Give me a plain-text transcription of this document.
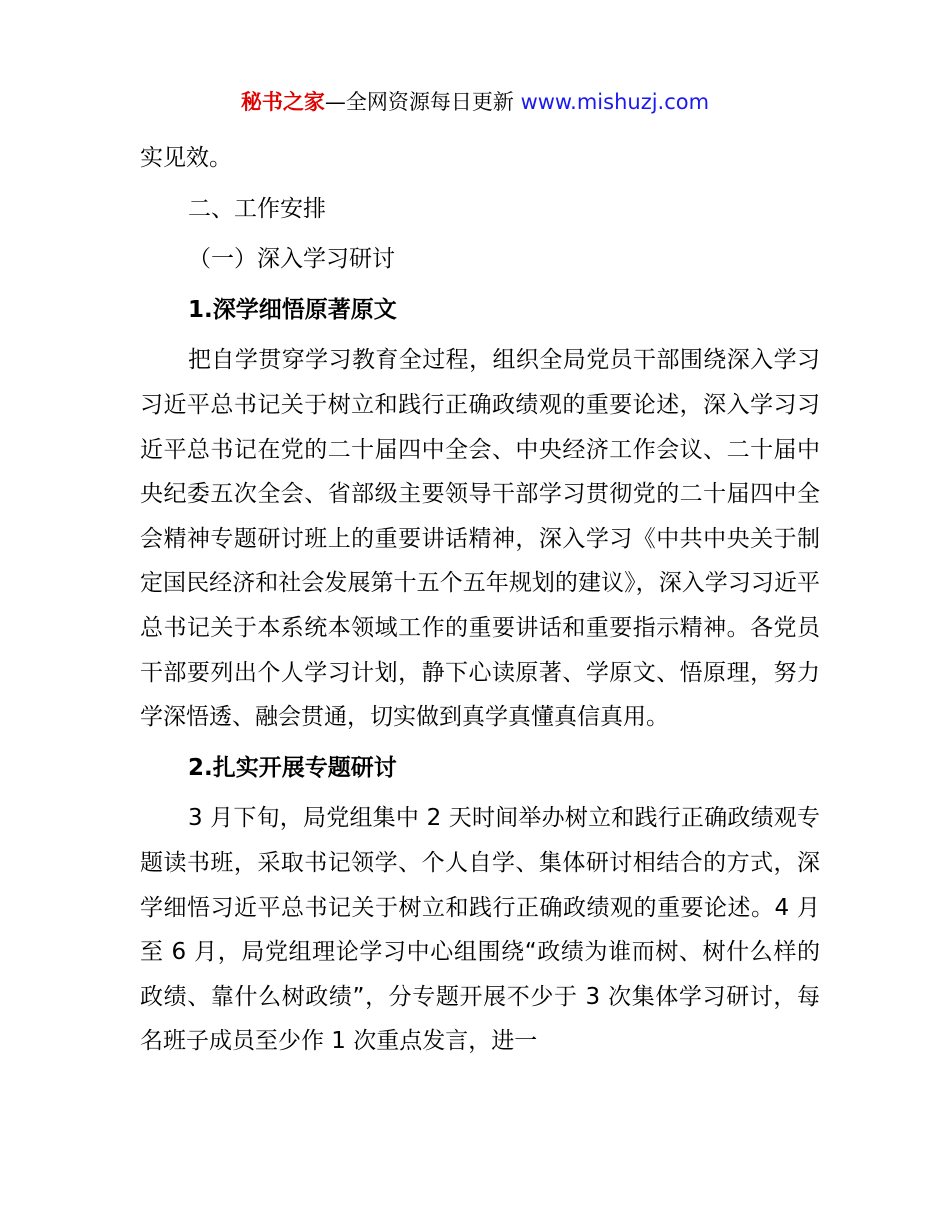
秘书之家—全网资源每日更新 www.mishuzj.com

实见效。

二、工作安排

（一）深入学习研讨

1.深学细悟原著原文

把自学贯穿学习教育全过程，组织全局党员干部围绕深入学习习近平总书记关于树立和践行正确政绩观的重要论述，深入学习习近平总书记在党的二十届四中全会、中央经济工作会议、二十届中央纪委五次全会、省部级主要领导干部学习贯彻党的二十届四中全会精神专题研讨班上的重要讲话精神，深入学习《中共中央关于制定国民经济和社会发展第十五个五年规划的建议》，深入学习习近平总书记关于本系统本领域工作的重要讲话和重要指示精神。各党员干部要列出个人学习计划，静下心读原著、学原文、悟原理，努力学深悟透、融会贯通，切实做到真学真懂真信真用。

2.扎实开展专题研讨

3 月下旬，局党组集中 2 天时间举办树立和践行正确政绩观专题读书班，采取书记领学、个人自学、集体研讨相结合的方式，深学细悟习近平总书记关于树立和践行正确政绩观的重要论述。4 月至 6 月，局党组理论学习中心组围绕“政绩为谁而树、树什么样的政绩、靠什么树政绩”，分专题开展不少于 3 次集体学习研讨，每名班子成员至少作 1 次重点发言，进一
